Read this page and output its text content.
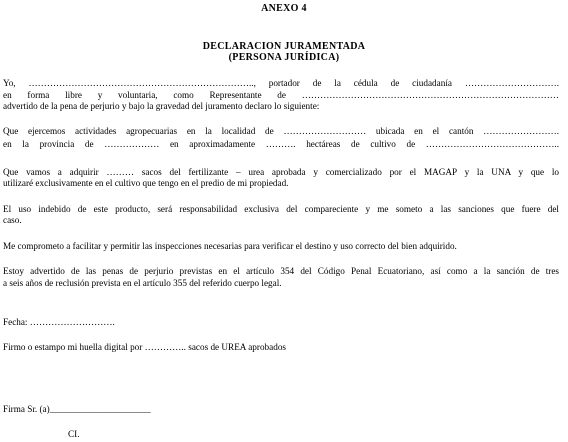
ANEXO 4
DECLARACION JURAMENTADA
(PERSONA JURÍDICA)
Yo, ……………………………………………………………….., portador de la cédula de ciudadanía ………………………….
en forma libre y voluntaria, como Representante de …………………………………………………………………………
advertido de la pena de perjurio y bajo la gravedad del juramento declaro lo siguiente:
Que ejercemos actividades agropecuarias en la localidad de ……………………… ubicada en el cantón …………………….
en la provincia de ……………… en aproximadamente ………. hectáreas de cultivo de ……………………………………..
Que vamos a adquirir ……… sacos del fertilizante – urea aprobada y comercializado por el MAGAP y la UNA y que lo
utilizaré exclusivamente en el cultivo que tengo en el predio de mi propiedad.
El uso indebido de este producto, será responsabilidad exclusiva del compareciente y me someto a las sanciones que fuere del
caso.
Me comprometo a facilitar y permitir las inspecciones necesarias para verificar el destino y uso correcto del bien adquirido.
Estoy advertido de las penas de perjurio previstas en el artículo 354 del Código Penal Ecuatoriano, así como a la sanción de tres
a seis años de reclusión prevista en el artículo 355 del referido cuerpo legal.
Fecha: ……………………….
Firmo o estampo mi huella digital por ………….. sacos de UREA aprobados
Firma Sr. (a)______________________
CI.
